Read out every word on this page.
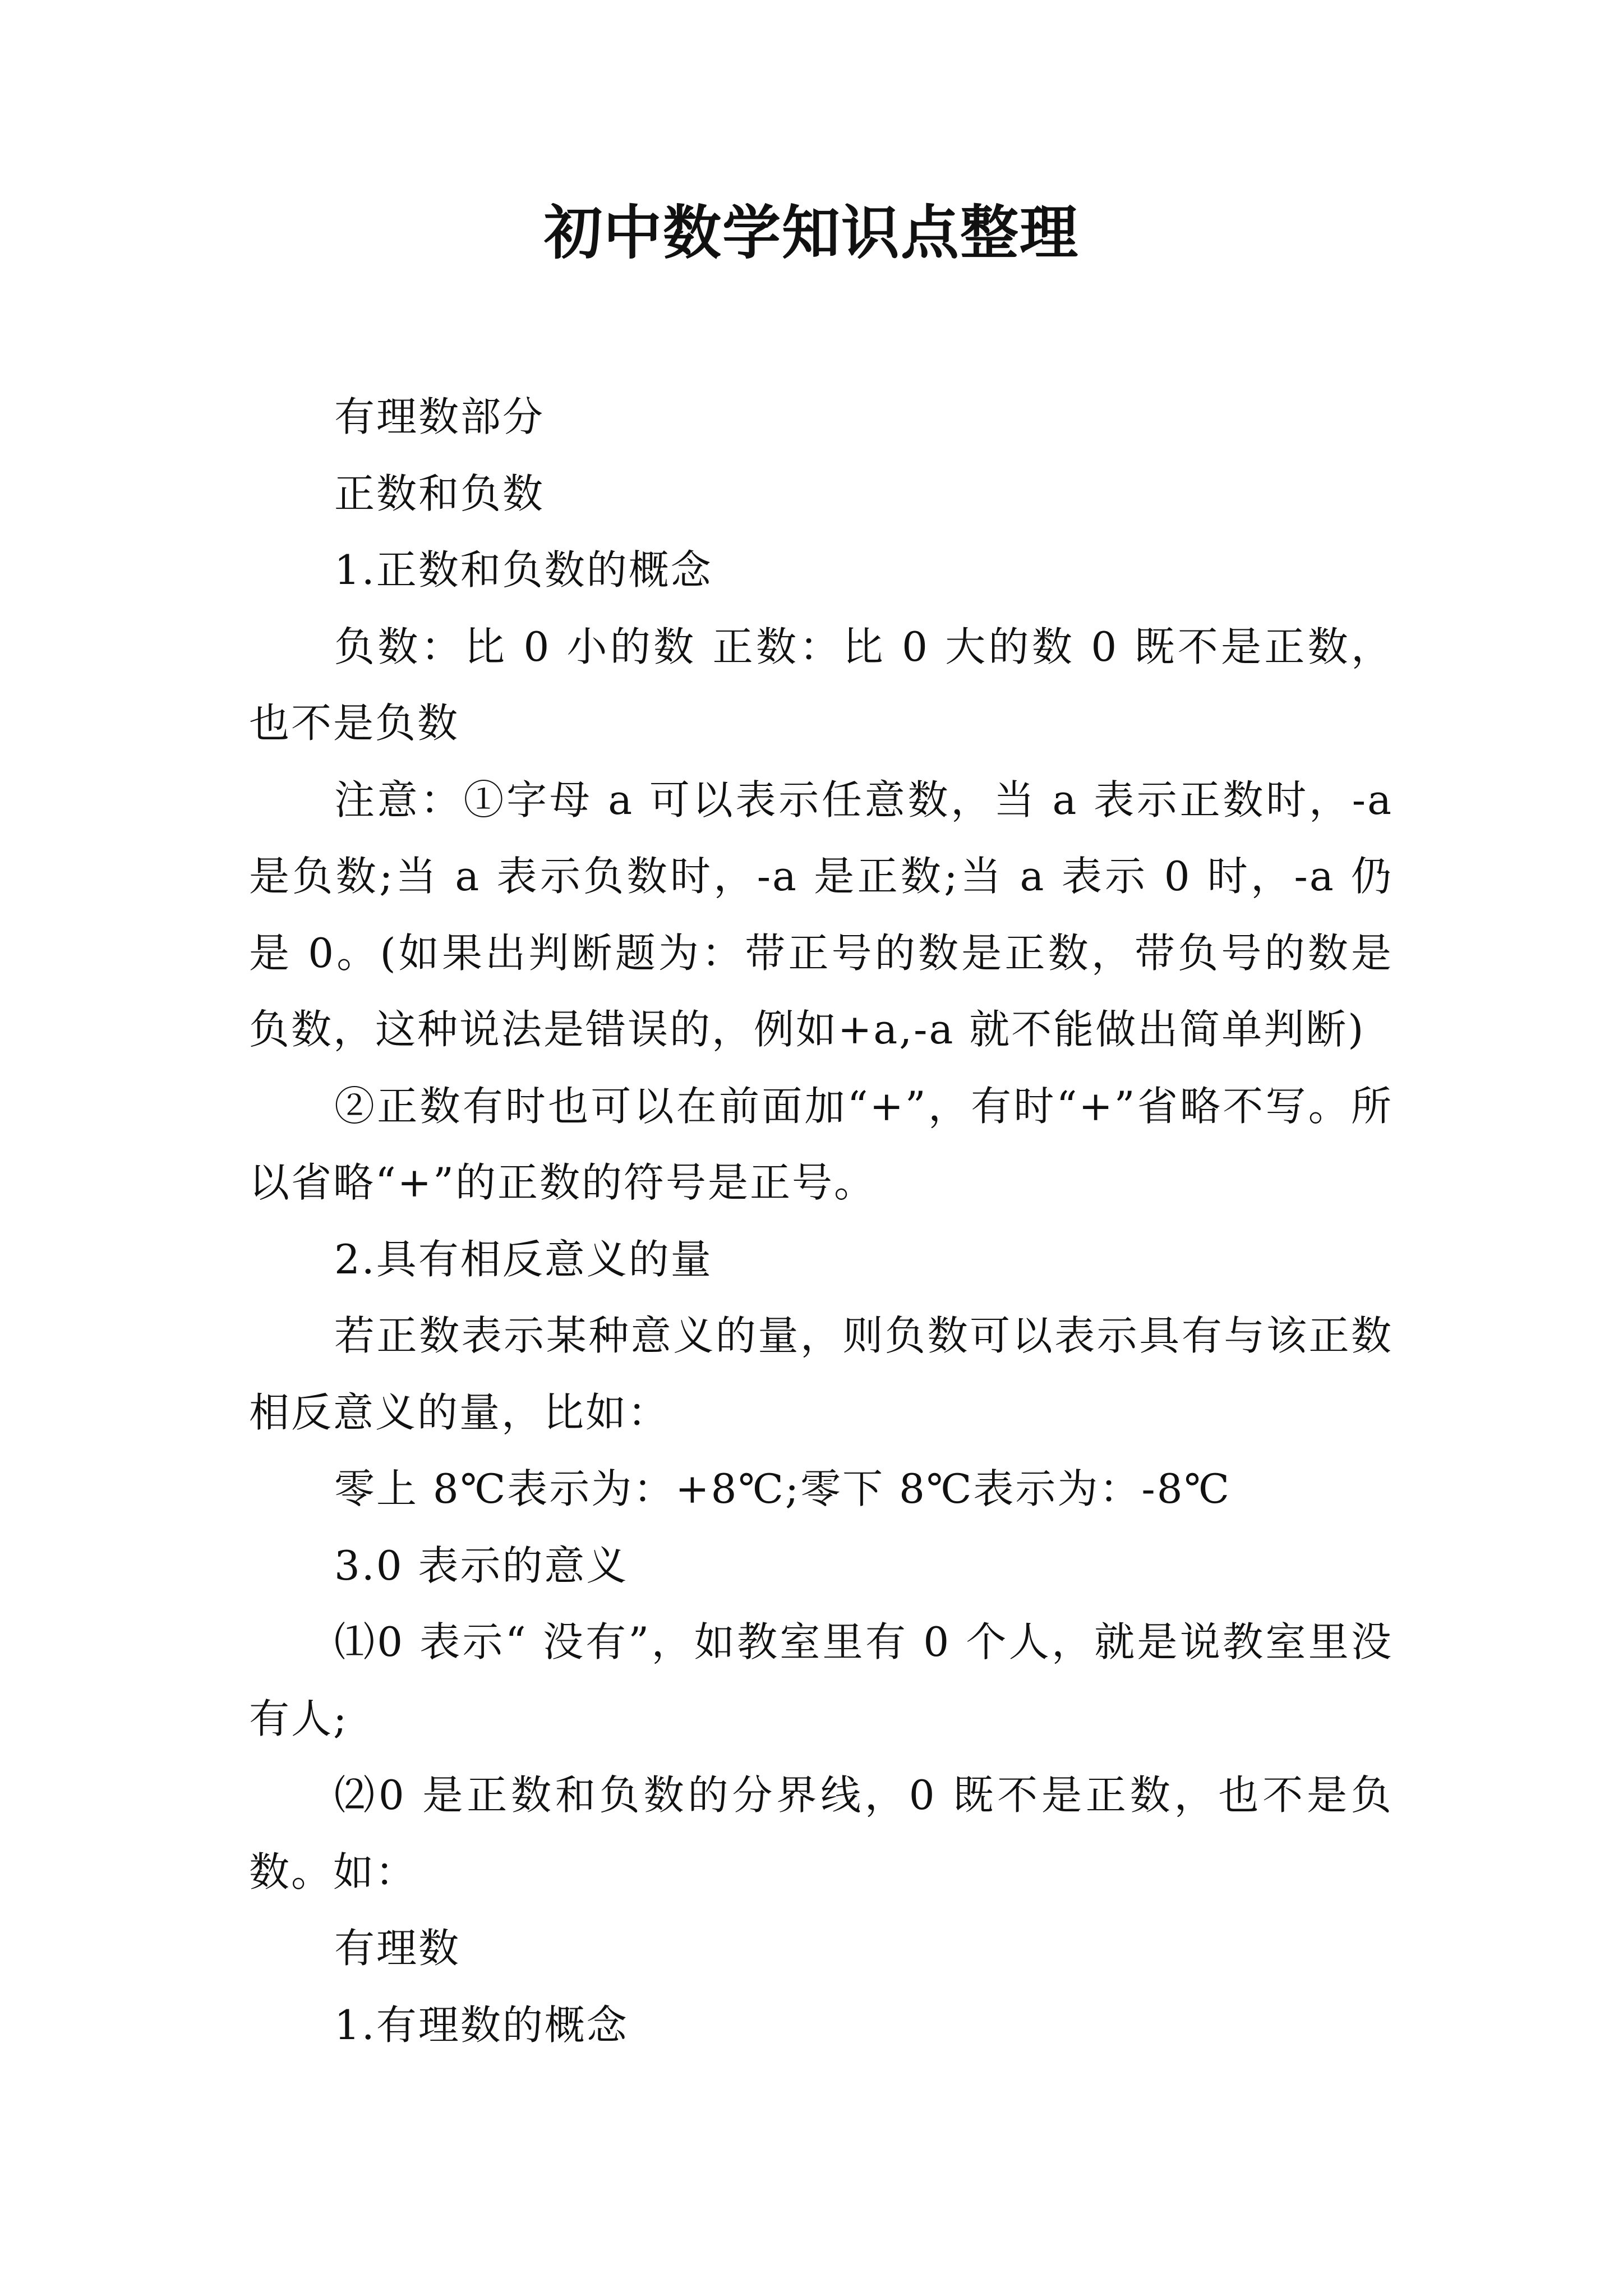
初中数学知识点整理

有理数部分

正数和负数

1.正数和负数的概念

负数：比 0 小的数 正数：比 0 大的数 0 既不是正数，也不是负数

注意：①字母 a 可以表示任意数，当 a 表示正数时，-a是负数;当 a 表示负数时，-a 是正数;当 a 表示 0 时，-a 仍是 0。(如果出判断题为：带正号的数是正数，带负号的数是负数，这种说法是错误的，例如+a,-a 就不能做出简单判断)

②正数有时也可以在前面加“+”，有时“+”省略不写。所以省略“+”的正数的符号是正号。

2.具有相反意义的量

若正数表示某种意义的量，则负数可以表示具有与该正数相反意义的量，比如：

零上 8℃表示为：+8℃;零下 8℃表示为：-8℃

3.0 表示的意义

⑴0 表示“ 没有”，如教室里有 0 个人，就是说教室里没有人;

⑵0 是正数和负数的分界线，0 既不是正数，也不是负数。如：

有理数

1.有理数的概念
